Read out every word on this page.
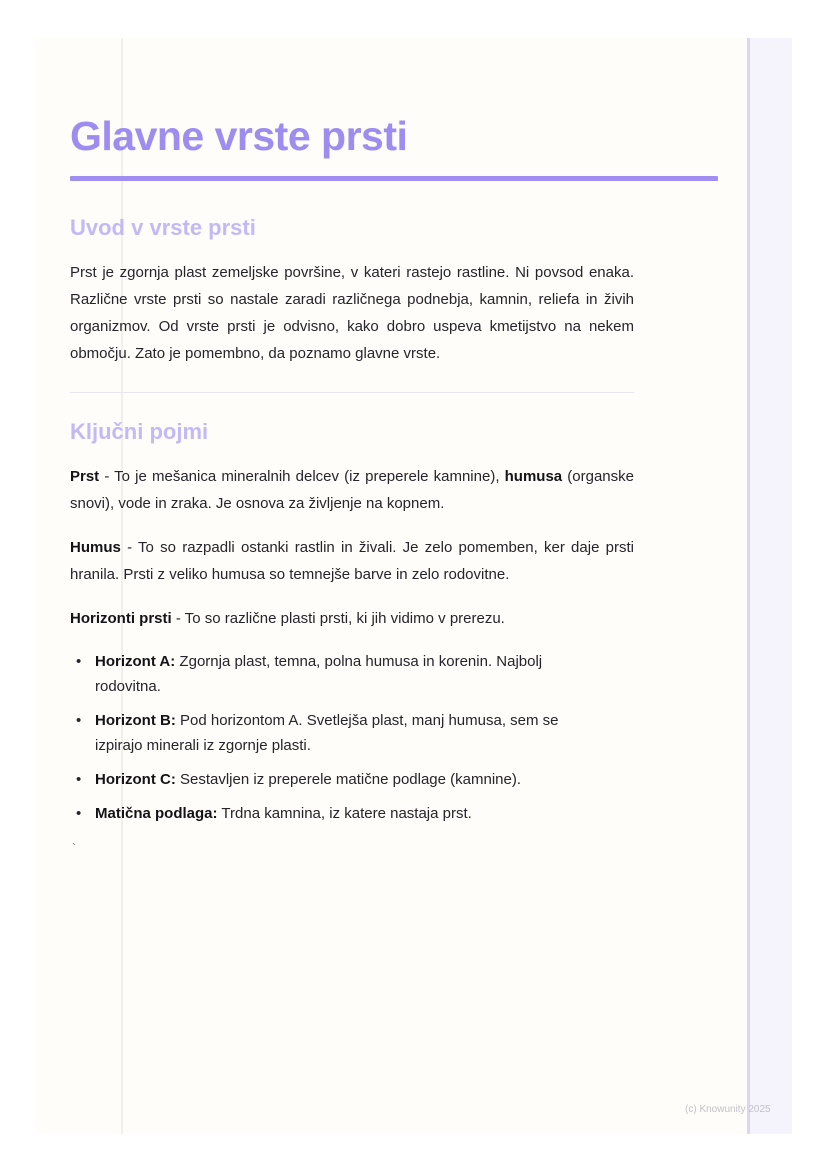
Glavne vrste prsti
Uvod v vrste prsti

Prst je zgornja plast zemeljske površine, v kateri rastejo rastline. Ni povsod enaka. Različne vrste prsti so nastale zaradi različnega podnebja, kamnin, reliefa in živih organizmov. Od vrste prsti je odvisno, kako dobro uspeva kmetijstvo na nekem območju. Zato je pomembno, da poznamo glavne vrste.

Ključni pojmi

Prst - To je mešanica mineralnih delcev (iz preperele kamnine), humusa (organske snovi), vode in zraka. Je osnova za življenje na kopnem.

Humus - To so razpadli ostanki rastlin in živali. Je zelo pomemben, ker daje prsti hranila. Prsti z veliko humusa so temnejše barve in zelo rodovitne.

Horizonti prsti - To so različne plasti prsti, ki jih vidimo v prerezu.

• Horizont A: Zgornja plast, temna, polna humusa in korenin. Najbolj rodovitna.
• Horizont B: Pod horizontom A. Svetlejša plast, manj humusa, sem se izpirajo minerali iz zgornje plasti.
• Horizont C: Sestavljen iz preperele matične podlage (kamnine).
• Matična podlaga: Trdna kamnina, iz katere nastaja prst.
`
(c) Knowunity 2025
